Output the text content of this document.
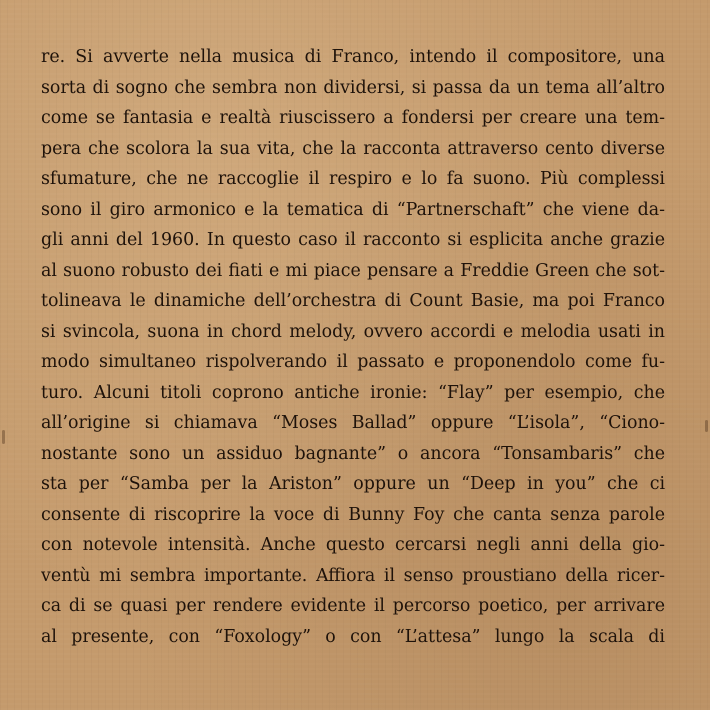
re. Si avverte nella musica di Franco, intendo il compositore, una
sorta di sogno che sembra non dividersi, si passa da un tema all’altro
come se fantasia e realtà riuscissero a fondersi per creare una tem-
pera che scolora la sua vita, che la racconta attraverso cento diverse
sfumature, che ne raccoglie il respiro e lo fa suono. Più complessi
sono il giro armonico e la tematica di “Partnerschaft” che viene da-
gli anni del 1960. In questo caso il racconto si esplicita anche grazie
al suono robusto dei fiati e mi piace pensare a Freddie Green che sot-
tolineava le dinamiche dell’orchestra di Count Basie, ma poi Franco
si svincola, suona in chord melody, ovvero accordi e melodia usati in
modo simultaneo rispolverando il passato e proponendolo come fu-
turo. Alcuni titoli coprono antiche ironie: “Flay” per esempio, che
all’origine si chiamava “Moses Ballad” oppure “L’isola”, “Ciono-
nostante sono un assiduo bagnante” o ancora “Tonsambaris” che
sta per “Samba per la Ariston” oppure un “Deep in you” che ci
consente di riscoprire la voce di Bunny Foy che canta senza parole
con notevole intensità. Anche questo cercarsi negli anni della gio-
ventù mi sembra importante. Affiora il senso proustiano della ricer-
ca di se quasi per rendere evidente il percorso poetico, per arrivare
al presente, con “Foxology” o con “L’attesa” lungo la scala di
